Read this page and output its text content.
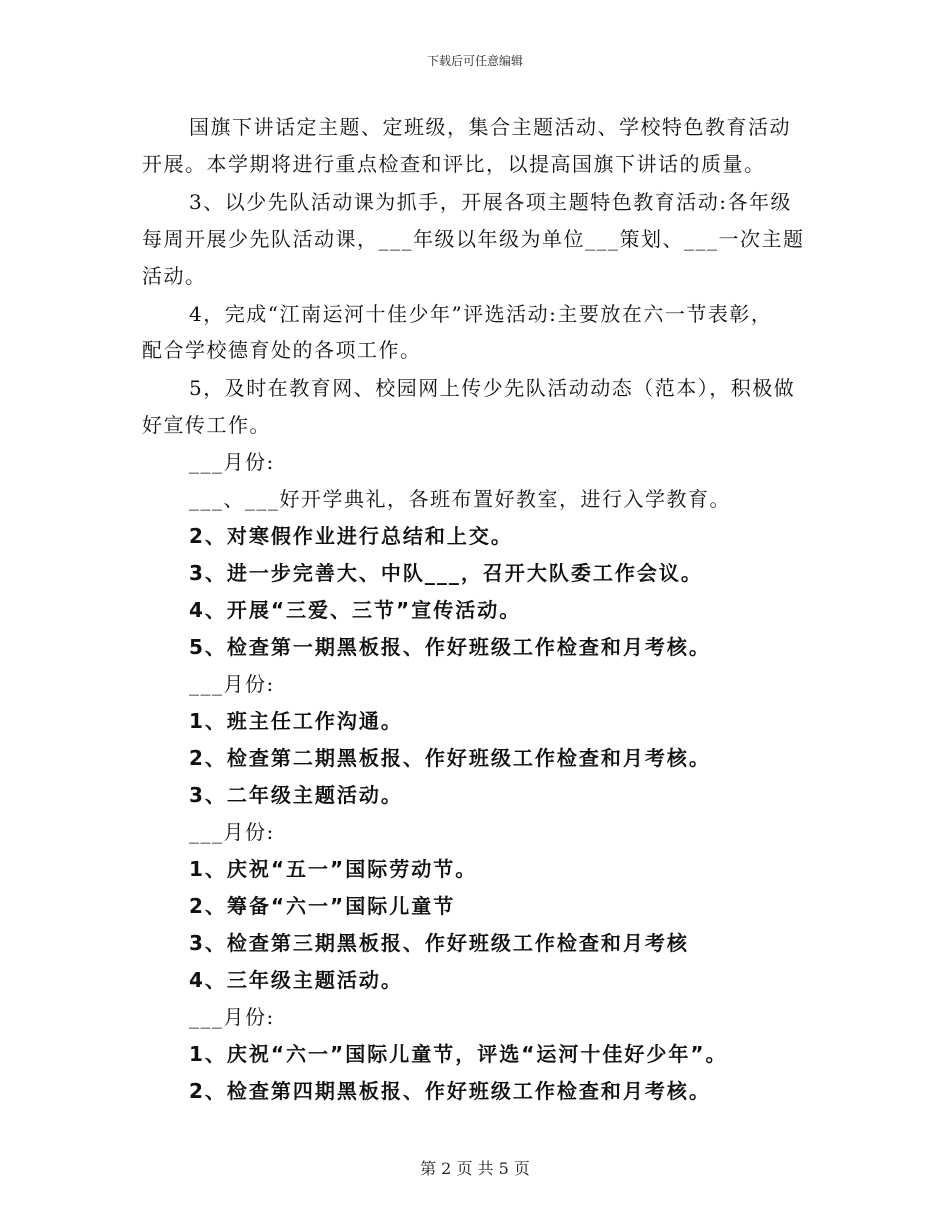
下载后可任意编辑
国旗下讲话定主题、定班级，集合主题活动、学校特色教育活动
开展。本学期将进行重点检查和评比，以提高国旗下讲话的质量。
3、以少先队活动课为抓手，开展各项主题特色教育活动:各年级
每周开展少先队活动课，___年级以年级为单位___策划、___一次主题
活动。
4，完成“江南运河十佳少年”评选活动:主要放在六一节表彰，
配合学校德育处的各项工作。
5，及时在教育网、校园网上传少先队活动动态（范本），积极做
好宣传工作。
___月份:
___、___好开学典礼，各班布置好教室，进行入学教育。
2、对寒假作业进行总结和上交。
3、进一步完善大、中队___，召开大队委工作会议。
4、开展“三爱、三节”宣传活动。
5、检查第一期黑板报、作好班级工作检查和月考核。
___月份:
1、班主任工作沟通。
2、检查第二期黑板报、作好班级工作检查和月考核。
3、二年级主题活动。
___月份:
1、庆祝“五一”国际劳动节。
2、筹备“六一”国际儿童节
3、检查第三期黑板报、作好班级工作检查和月考核
4、三年级主题活动。
___月份:
1、庆祝“六一”国际儿童节，评选“运河十佳好少年”。
2、检查第四期黑板报、作好班级工作检查和月考核。
第 2 页 共 5 页
